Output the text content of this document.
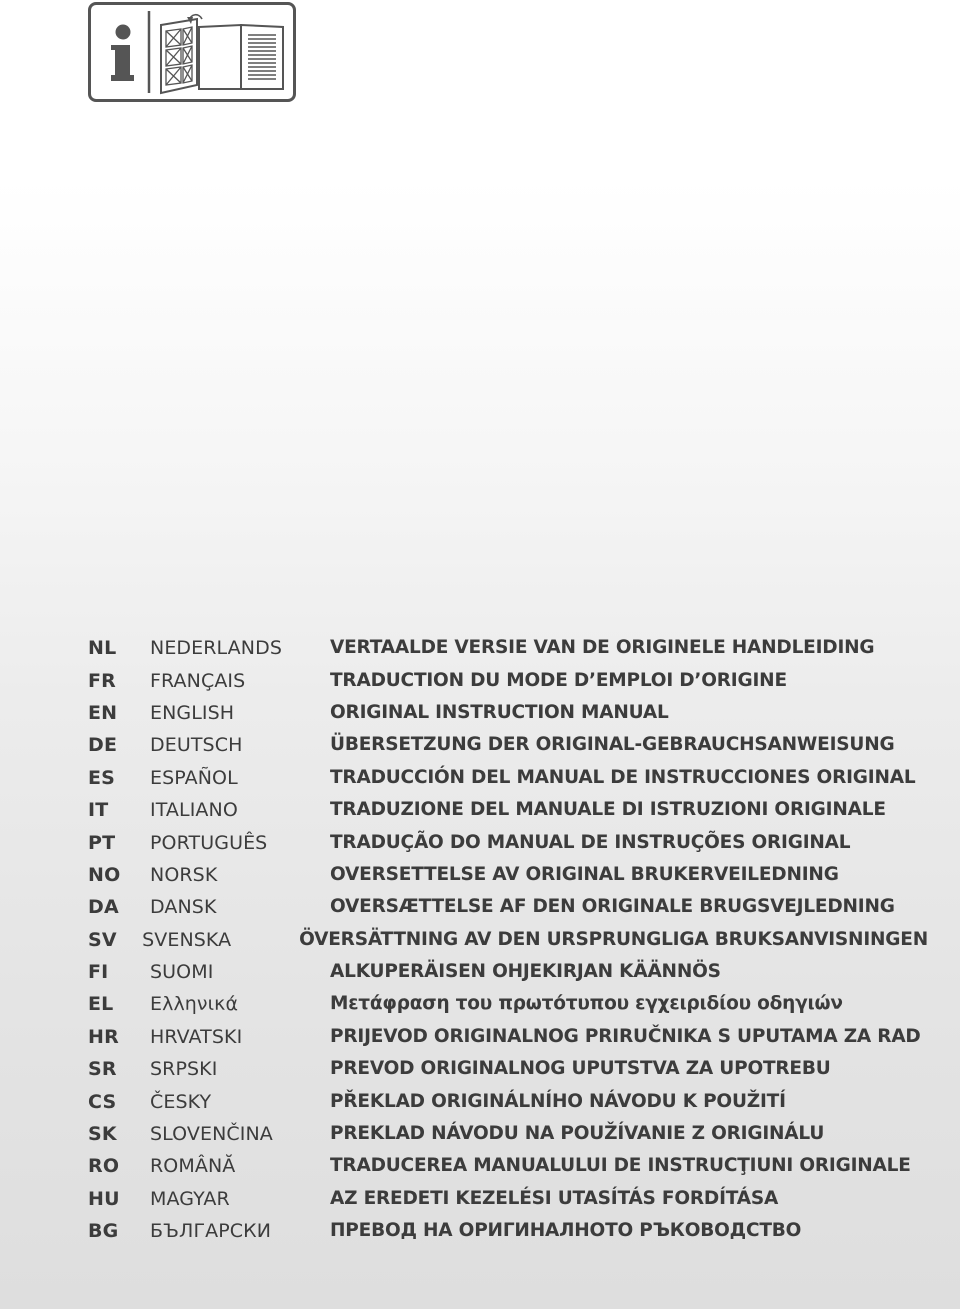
NL	NEDERLANDS	VERTAALDE VERSIE VAN DE ORIGINELE HANDLEIDING
FR	FRANÇAIS	TRADUCTION DU MODE D’EMPLOI D’ORIGINE
EN	ENGLISH	ORIGINAL INSTRUCTION MANUAL
DE	DEUTSCH	ÜBERSETZUNG DER ORIGINAL-GEBRAUCHSANWEISUNG
ES	ESPAÑOL	TRADUCCIÓN DEL MANUAL DE INSTRUCCIONES ORIGINAL
IT	ITALIANO	TRADUZIONE DEL MANUALE DI ISTRUZIONI ORIGINALE
PT	PORTUGUÊS	TRADUÇÃO DO MANUAL DE INSTRUÇÕES ORIGINAL
NO	NORSK	OVERSETTELSE AV ORIGINAL BRUKERVEILEDNING
DA	DANSK	OVERSÆTTELSE AF DEN ORIGINALE BRUGSVEJLEDNING
SV	SVENSKA	ÖVERSÄTTNING AV DEN URSPRUNGLIGA BRUKSANVISNINGEN
FI	SUOMI	ALKUPERÄISEN OHJEKIRJAN KÄÄNNÖS
EL	Ελληνικά	Μετάφραση του πρωτότυπου εγχειριδίου οδηγιών
HR	HRVATSKI	PRIJEVOD ORIGINALNOG PRIRUČNIKA S UPUTAMA ZA RAD
SR	SRPSKI	PREVOD ORIGINALNOG UPUTSTVA ZA UPOTREBU
CS	ČESKY	PŘEKLAD ORIGINÁLNÍHO NÁVODU K POUŽITÍ
SK	SLOVENČINA	PREKLAD NÁVODU NA POUŽÍVANIE Z ORIGINÁLU
RO	ROMÂNĂ	TRADUCEREA MANUALULUI DE INSTRUCŢIUNI ORIGINALE
HU	MAGYAR	AZ EREDETI KEZELÉSI UTASÍTÁS FORDÍTÁSA
BG	БЪЛГАРСКИ	ПРЕВОД НА ОРИГИНАЛНОТО РЪКОВОДСТВО
